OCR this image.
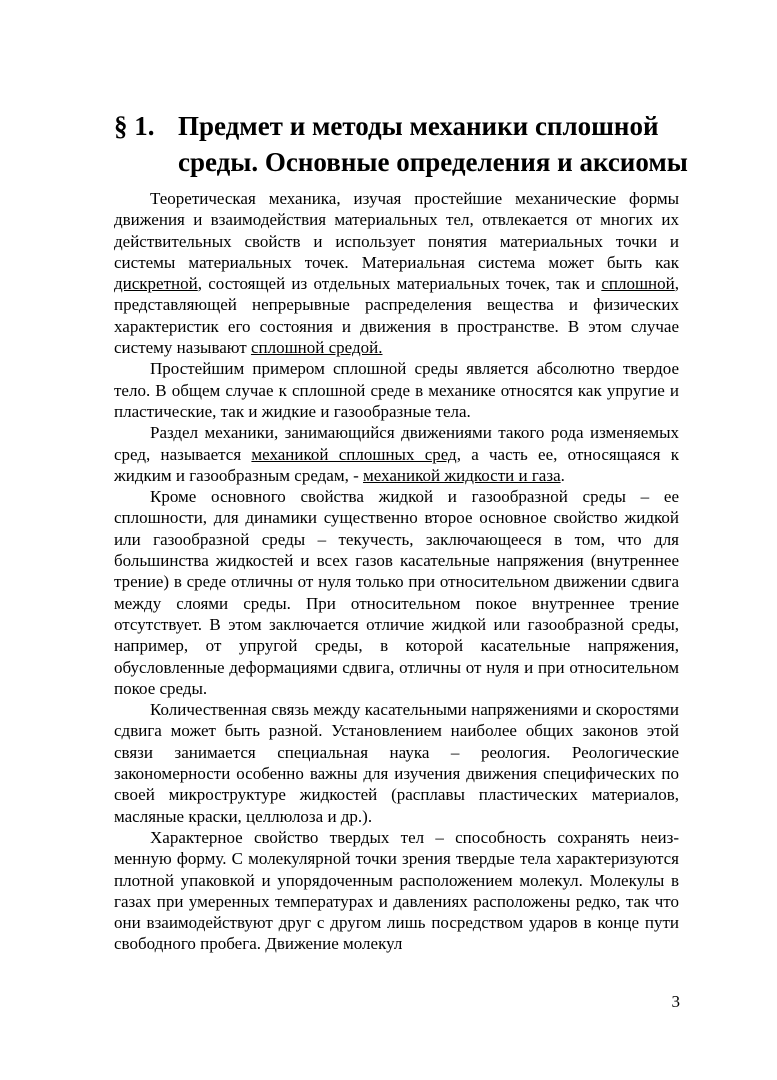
§ 1. Предмет и методы механики сплошной среды. Основные определения и аксиомы

Теоретическая механика, изучая простейшие механические формы движения и взаимодействия материальных тел, отвлекается от многих их действительных свойств и использует понятия материальных точки и системы материальных точек. Материальная система может быть как дискретной, состоящей из отдельных материальных точек, так и сплошной, представляющей непрерывные распределения вещества и физических характеристик его состояния и движения в пространстве. В этом случае систему называют сплошной средой.

Простейшим примером сплошной среды является абсолютно твердое тело. В общем случае к сплошной среде в механике относятся как упругие и пластические, так и жидкие и газообразные тела.

Раздел механики, занимающийся движениями такого рода изменяемых сред, называется механикой сплошных сред, а часть ее, относящаяся к жидким и газообразным средам, - механикой жидкости и газа.

Кроме основного свойства жидкой и газообразной среды – ее сплошности, для динамики существенно второе основное свойство жидкой или газообразной среды – текучесть, заключающееся в том, что для большинства жидкостей и всех газов касательные напряжения (внутреннее трение) в среде отличны от нуля только при относительном движении сдвига между слоями среды. При относительном покое внутреннее трение отсутствует. В этом заключается отличие жидкой или газообразной среды, например, от упругой среды, в которой касательные напряжения, обусловленные деформациями сдвига, отличны от нуля и при относительном покое среды.

Количественная связь между касательными напряжениями и скоростями сдвига может быть разной. Установлением наиболее общих законов этой связи занимается специальная наука – реология. Реологические закономерности особенно важны для изучения движения специфических по своей микроструктуре жидкостей (расплавы пластических материалов, масляные краски, целлюлоза и др.).

Характерное свойство твердых тел – способность сохранять неизменную форму. С молекулярной точки зрения твердые тела характеризуются плотной упаковкой и упорядоченным расположением молекул. Молекулы в газах при умеренных температурах и давлениях расположены редко, так что они взаимодействуют друг с другом лишь посредством ударов в конце пути свободного пробега. Движение молекул

3
